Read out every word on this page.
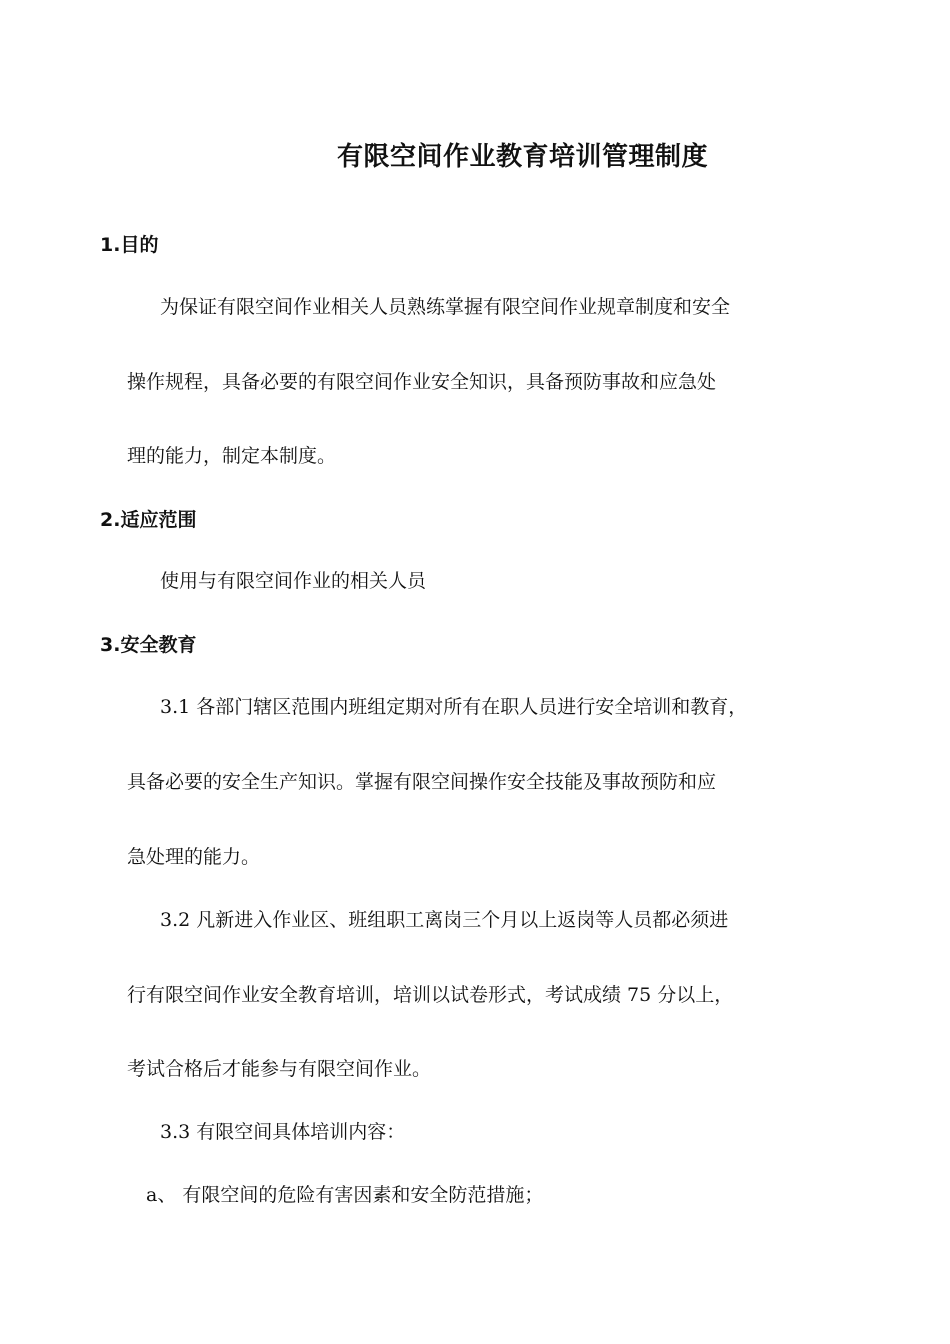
有限空间作业教育培训管理制度
1.目的
为保证有限空间作业相关人员熟练掌握有限空间作业规章制度和安全
操作规程，具备必要的有限空间作业安全知识，具备预防事故和应急处
理的能力，制定本制度。
2.适应范围
使用与有限空间作业的相关人员
3.安全教育
3.1 各部门辖区范围内班组定期对所有在职人员进行安全培训和教育，
具备必要的安全生产知识。掌握有限空间操作安全技能及事故预防和应
急处理的能力。
3.2 凡新进入作业区、班组职工离岗三个月以上返岗等人员都必须进
行有限空间作业安全教育培训，培训以试卷形式，考试成绩 75 分以上，
考试合格后才能参与有限空间作业。
3.3 有限空间具体培训内容：
a、 有限空间的危险有害因素和安全防范措施；
